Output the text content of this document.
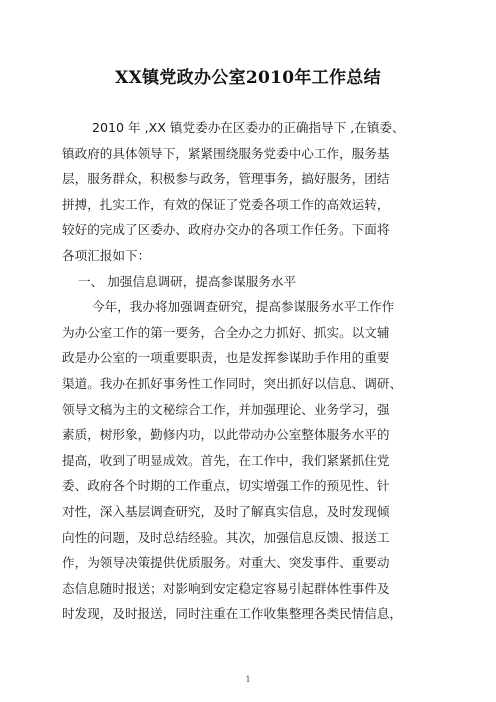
XX镇党政办公室2010年工作总结
2010 年 ,XX 镇党委办在区委办的正确指导下 ,在镇委、
镇政府的具体领导下，紧紧围绕服务党委中心工作，服务基
层，服务群众，积极参与政务，管理事务，搞好服务，团结
拼搏，扎实工作，有效的保证了党委各项工作的高效运转，
较好的完成了区委办、政府办交办的各项工作任务。下面将
各项汇报如下：
一、 加强信息调研，提高参谋服务水平
今年，我办将加强调查研究，提高参谋服务水平工作作
为办公室工作的第一要务，合全办之力抓好、抓实。以文辅
政是办公室的一项重要职责，也是发挥参谋助手作用的重要
渠道。我办在抓好事务性工作同时，突出抓好以信息、调研、
领导文稿为主的文秘综合工作，并加强理论、业务学习，强
素质，树形象，勤修内功，以此带动办公室整体服务水平的
提高，收到了明显成效。首先，在工作中，我们紧紧抓住党
委、政府各个时期的工作重点，切实增强工作的预见性、针
对性，深入基层调查研究，及时了解真实信息，及时发现倾
向性的问题，及时总结经验。其次，加强信息反馈、报送工
作，为领导决策提供优质服务。对重大、突发事件、重要动
态信息随时报送；对影响到安定稳定容易引起群体性事件及
时发现，及时报送，同时注重在工作收集整理各类民情信息，
1
